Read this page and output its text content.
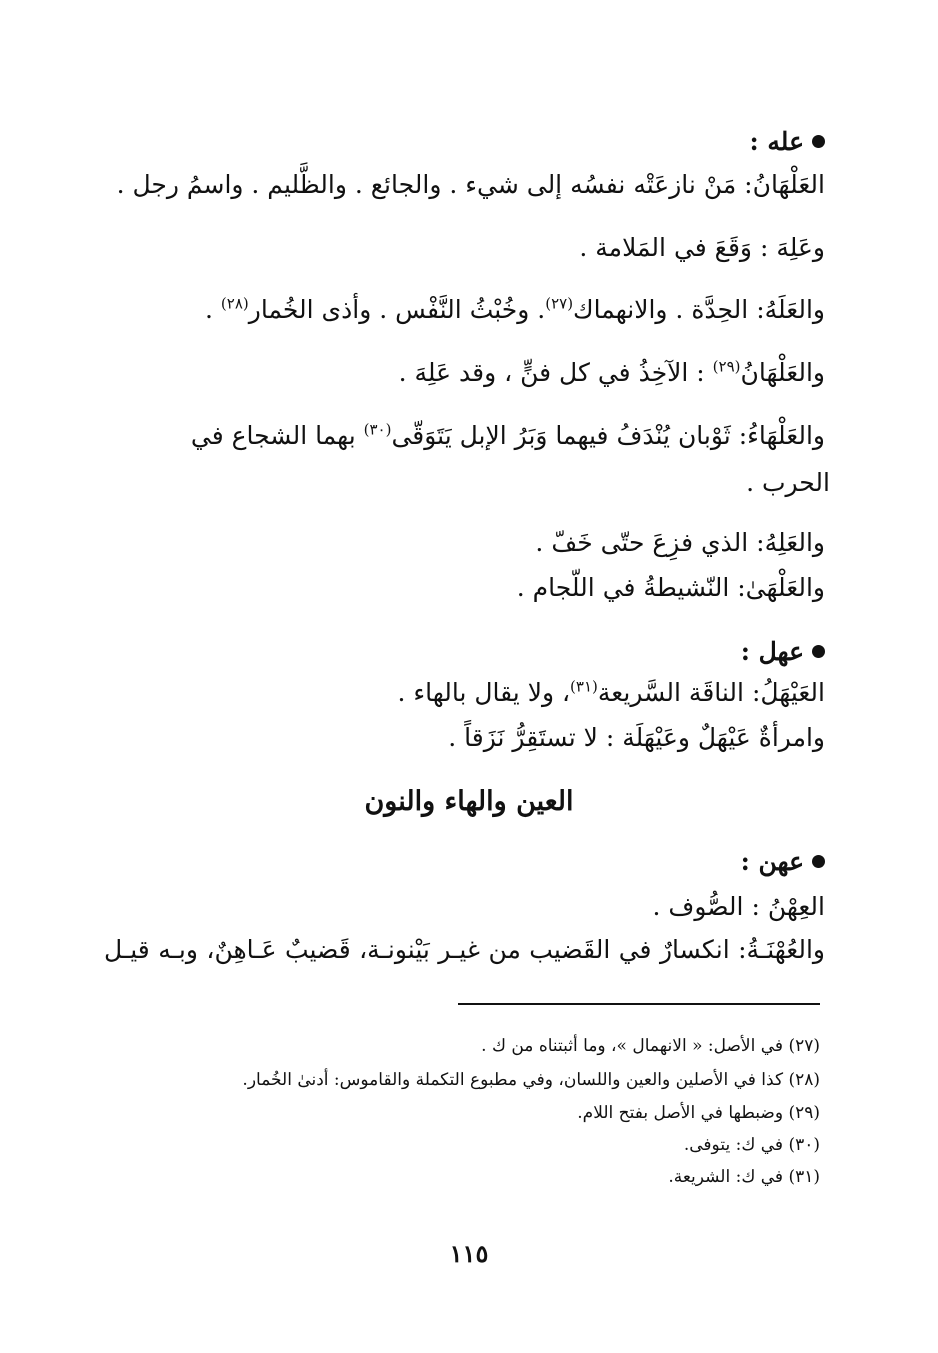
عله :
العَلْهَانُ: مَنْ نازعَتْه نفسُه إلى شيء . والجائع . والظَّليم . واسمُ رجل .
وعَلِهَ : وَقَعَ في المَلامة .
والعَلَهُ: الحِدَّة . والانهماك$^{(٢٧)}$. وخُبْثُ النَّفْس . وأذى الخُمار$^{(٢٨)}$ .
والعَلْهَانُ$^{(٢٩)}$ : الآخِذُ في كل فنٍّ ، وقد عَلِهَ .
والعَلْهَاءُ: ثَوْبان يُنْدَفُ فيهما وَبَرُ الإبل يَتَوَقّى$^{(٣٠)}$ بهما الشجاع في
الحرب .
والعَلِهُ: الذي فزِعَ حتّى خَفّ .
والعَلْهَىٰ: النّشيطةُ في اللّجام .
عهل :
العَيْهَلُ: الناقَة السَّريعة$^{(٣١)}$، ولا يقال بالهاء .
وامرأةٌ عَيْهَلٌ وعَيْهَلَة : لا تستَقِرُّ نَزَقاً .
العين والهاء والنون
عهن :
العِهْنُ : الصُّوف .
والعُهْنَـةُ: انكسارٌ في القَضيب من غيـر بَيْنونـة، قَضيبٌ عَـاهِنٌ، وبـه قيـل
(٢٧) في الأصل: « الانهمال »، وما أثبتناه من ك .
(٢٨) كذا في الأصلين والعين واللسان، وفي مطبوع التكملة والقاموس: أدنىٰ الخُمار.
(٢٩) وضبطها في الأصل بفتح اللام.
(٣٠) في ك: يتوفى.
(٣١) في ك: الشريعة.
١١٥
